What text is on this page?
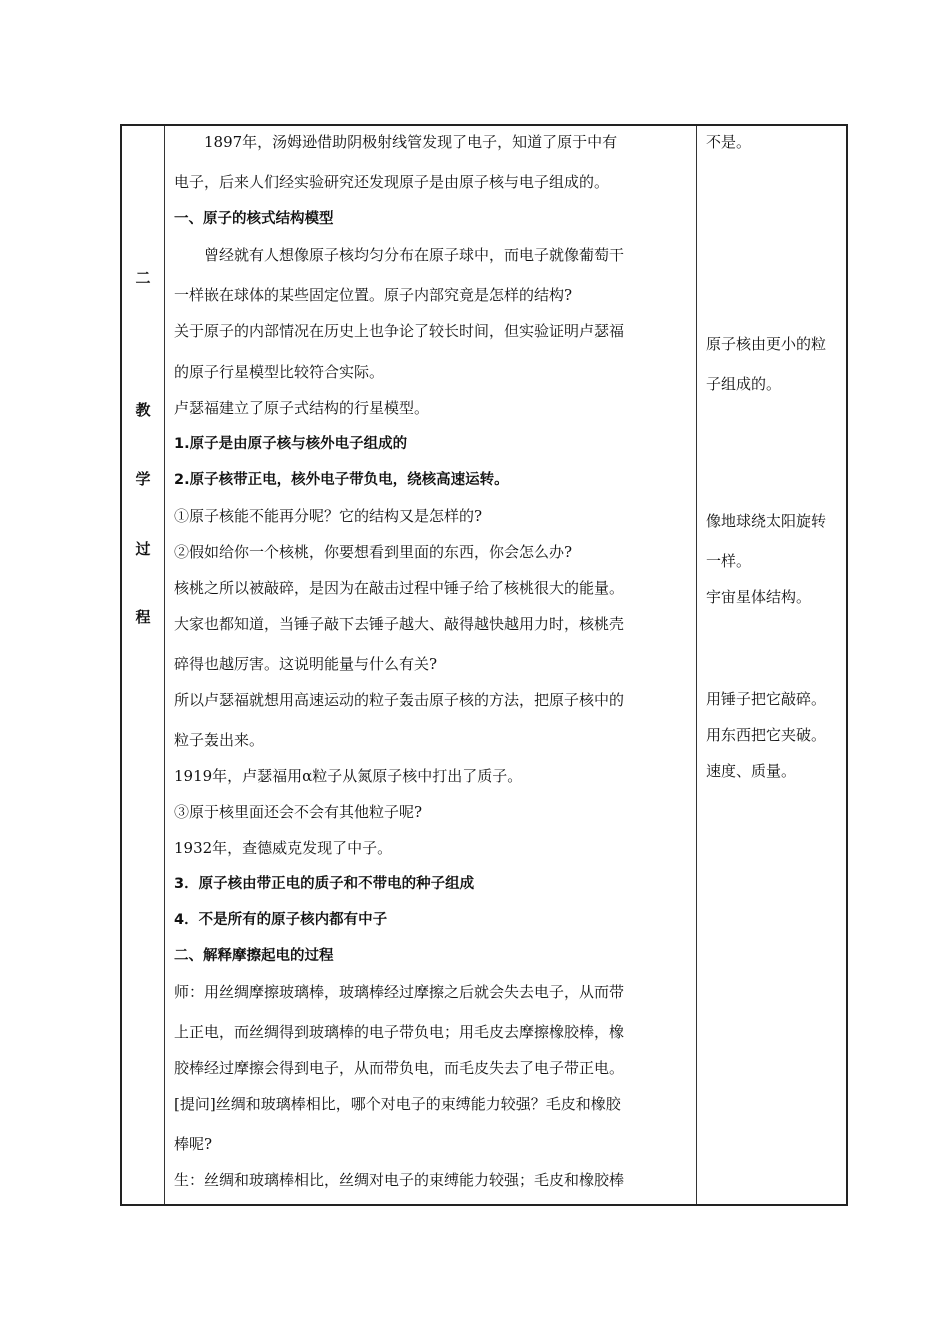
二
教
学
过
程
　　1897年，汤姆逊借助阴极射线管发现了电子，知道了原于中有
电子，后来人们经实验研究还发现原子是由原子核与电子组成的。
一、原子的核式结构模型
　　曾经就有人想像原子核均匀分布在原子球中，而电子就像葡萄干
一样嵌在球体的某些固定位置。原子内部究竟是怎样的结构?
关于原子的内部情况在历史上也争论了较长时间，但实验证明卢瑟福
的原子行星模型比较符合实际。
卢瑟福建立了原子式结构的行星模型。
1.原子是由原子核与核外电子组成的
2.原子核带正电，核外电子带负电，绕核高速运转。
①原子核能不能再分呢？它的结构又是怎样的?
②假如给你一个核桃，你要想看到里面的东西，你会怎么办?
核桃之所以被敲碎，是因为在敲击过程中锤子给了核桃很大的能量。
大家也都知道，当锤子敲下去锤子越大、敲得越快越用力时，核桃壳
碎得也越厉害。这说明能量与什么有关?
所以卢瑟福就想用高速运动的粒子轰击原子核的方法，把原子核中的
粒子轰出来。
1919年，卢瑟福用α粒子从氮原子核中打出了质子。
③原于核里面还会不会有其他粒子呢?
1932年，查德威克发现了中子。
3．原子核由带正电的质子和不带电的种子组成
4．不是所有的原子核内都有中子
二、解释摩擦起电的过程
师：用丝绸摩擦玻璃棒，玻璃棒经过摩擦之后就会失去电子，从而带
上正电，而丝绸得到玻璃棒的电子带负电；用毛皮去摩擦橡胶棒，橡
胶棒经过摩擦会得到电子，从而带负电，而毛皮失去了电子带正电。
[提问]丝绸和玻璃棒相比，哪个对电子的束缚能力较强？毛皮和橡胶
棒呢?
生：丝绸和玻璃棒相比，丝绸对电子的束缚能力较强；毛皮和橡胶棒
不是。
原子核由更小的粒
子组成的。
像地球绕太阳旋转
一样。
宇宙星体结构。
用锤子把它敲碎。
用东西把它夹破。
速度、质量。
